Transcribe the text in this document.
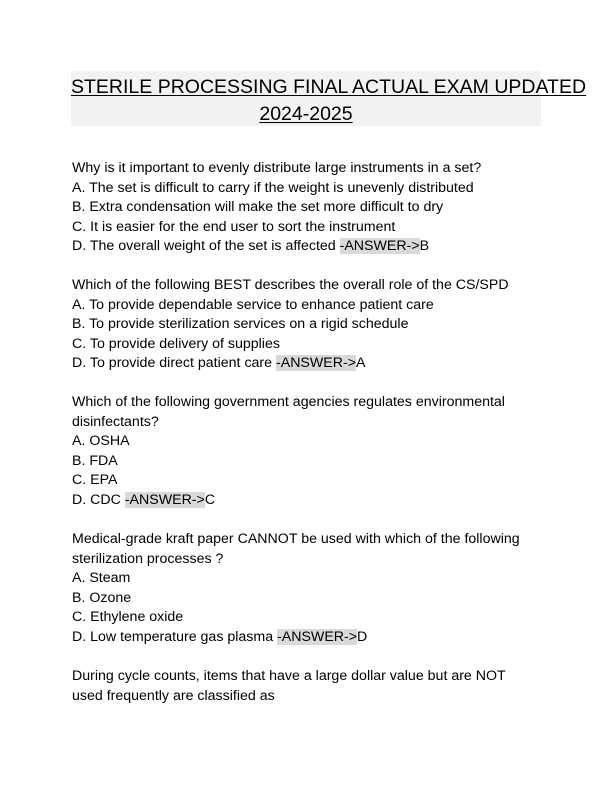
STERILE PROCESSING FINAL ACTUAL EXAM UPDATED
2024-2025

Why is it important to evenly distribute large instruments in a set?

A. The set is difficult to carry if the weight is unevenly distributed

B. Extra condensation will make the set more difficult to dry

C. It is easier for the end user to sort the instrument

D. The overall weight of the set is affected -ANSWER->B

Which of the following BEST describes the overall role of the CS/SPD

A. To provide dependable service to enhance patient care

B. To provide sterilization services on a rigid schedule

C. To provide delivery of supplies

D. To provide direct patient care -ANSWER->A

Which of the following government agencies regulates environmental

disinfectants?

A. OSHA

B. FDA

C. EPA

D. CDC -ANSWER->C

Medical-grade kraft paper CANNOT be used with which of the following

sterilization processes ?

A. Steam

B. Ozone

C. Ethylene oxide

D. Low temperature gas plasma -ANSWER->D

During cycle counts, items that have a large dollar value but are NOT

used frequently are classified as
